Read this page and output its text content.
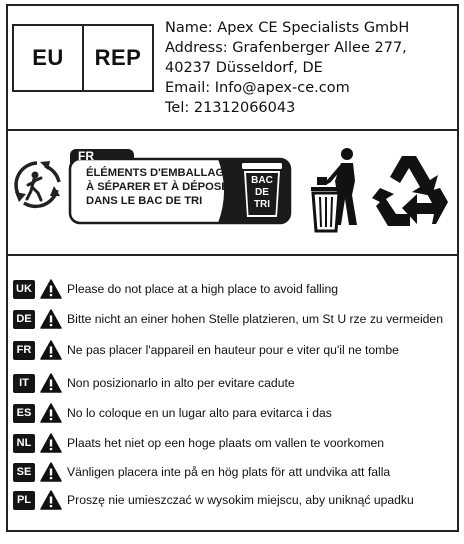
EU	REP
Name: Apex CE Specialists GmbH
Address: Grafenberger Allee 277,
40237 Düsseldorf, DE
Email: Info@apex-ce.com
Tel: 21312066043
FR
ÉLÉMENTS D'EMBALLAGE
À SÉPARER ET À DÉPOSER
DANS LE BAC DE TRI
BAC
DE
TRI
UK	Please do not place at a high place to avoid falling
DE	Bitte nicht an einer hohen Stelle platzieren, um St U rze zu vermeiden
FR	Ne pas placer l'appareil en hauteur pour e viter qu'il ne tombe
IT	Non posizionarlo in alto per evitare cadute
ES	No lo coloque en un lugar alto para evitarca i das
NL	Plaats het niet op een hoge plaats om vallen te voorkomen
SE	Vänligen placera inte på en hög plats för att undvika att falla
PL	Proszę nie umieszczać w wysokim miejscu, aby uniknąć upadku
